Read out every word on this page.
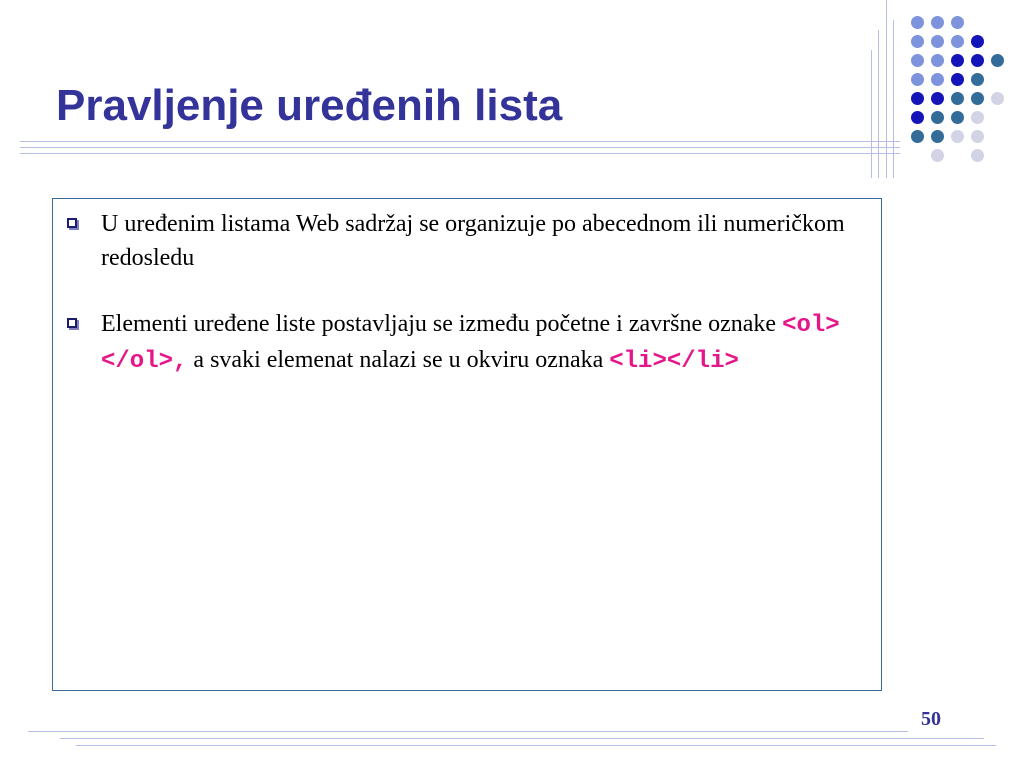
Pravljenje uređenih lista
U uređenim listama Web sadržaj se organizuje po abecednom ili numeričkom redosledu
Elementi uređene liste postavljaju se između početne i završne oznake <ol></ol>, a svaki elemenat nalazi se u okviru oznaka <li></li>
50
